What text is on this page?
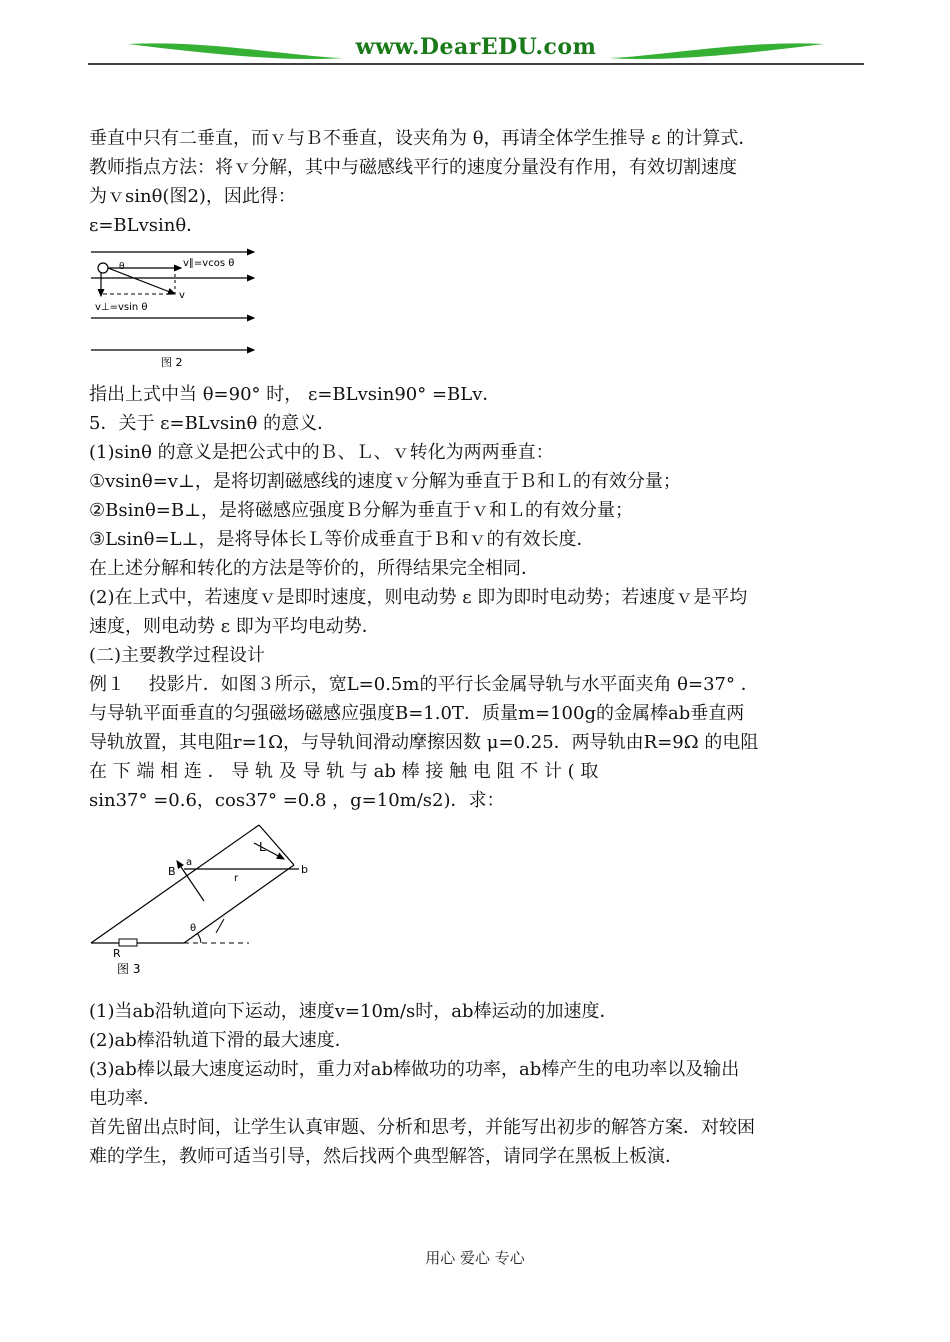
www.DearEDU.com

垂直中只有二垂直，而ｖ与Ｂ不垂直，设夹角为 θ，再请全体学生推导 ε 的计算式．

教师指点方法：将ｖ分解，其中与磁感线平行的速度分量没有作用，有效切割速度

为ｖsinθ(图2)，因此得：

ε=BLvsinθ．

θ	v∥=vcos θ
v
v⊥=vsin θ
图 2

指出上式中当 θ=90° 时， ε=BLvsin90° =BLv．

5．关于 ε=BLvsinθ 的意义．

(1)sinθ 的意义是把公式中的Ｂ、Ｌ、ｖ转化为两两垂直：

①vsinθ=v⊥，是将切割磁感线的速度ｖ分解为垂直于Ｂ和Ｌ的有效分量；

②Bsinθ=B⊥，是将磁感应强度Ｂ分解为垂直于ｖ和Ｌ的有效分量；

③Lsinθ=L⊥，是将导体长Ｌ等价成垂直于Ｂ和ｖ的有效长度．

在上述分解和转化的方法是等价的，所得结果完全相同．

(2)在上式中，若速度ｖ是即时速度，则电动势 ε 即为即时电动势；若速度ｖ是平均

速度，则电动势 ε 即为平均电动势．

(二)主要教学过程设计

例１　 投影片．如图３所示，宽L=0.5m的平行长金属导轨与水平面夹角 θ=37° ．

与导轨平面垂直的匀强磁场磁感应强度B=1.0T．质量m=100g的金属棒ab垂直两

导轨放置，其电阻r=1Ω，与导轨间滑动摩擦因数 μ=0.25．两导轨由R=9Ω 的电阻

在 下 端 相 连 ． 导 轨 及 导 轨 与 ab 棒 接 触 电 阻 不 计 ( 取

sin37° =0.6，cos37° =0.8 ，g=10m/s2)．求：

a
b
B
r
L
θ
R
图 3

(1)当ab沿轨道向下运动，速度v=10m/s时，ab棒运动的加速度．

(2)ab棒沿轨道下滑的最大速度．

(3)ab棒以最大速度运动时，重力对ab棒做功的功率，ab棒产生的电功率以及输出

电功率．

首先留出点时间，让学生认真审题、分析和思考，并能写出初步的解答方案．对较困

难的学生，教师可适当引导，然后找两个典型解答，请同学在黑板上板演．

用心 爱心 专心
